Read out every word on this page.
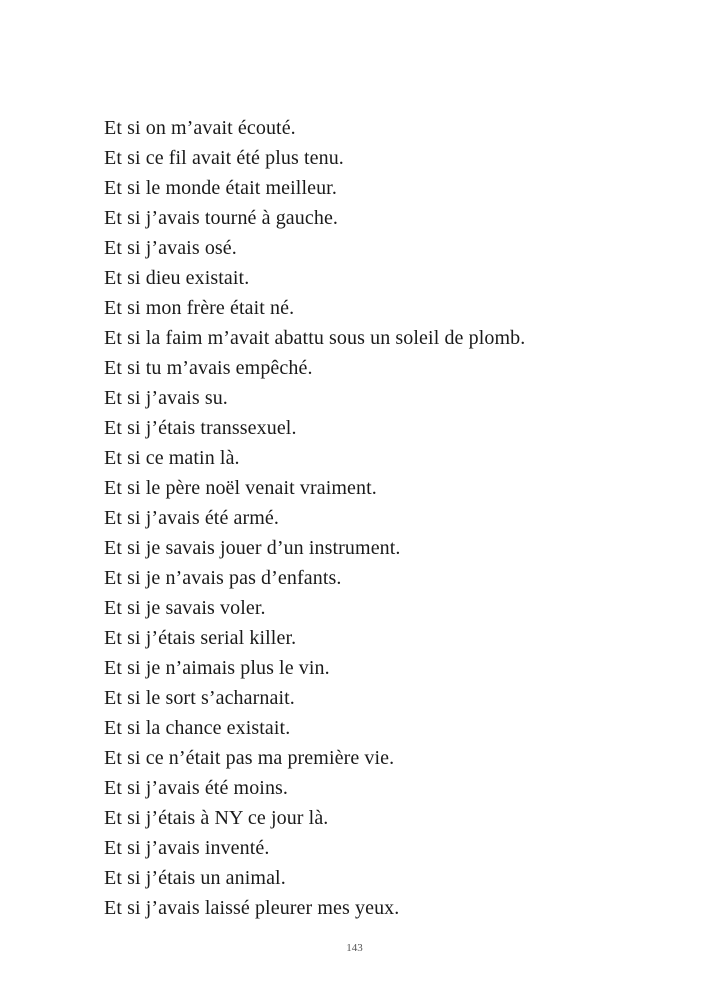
Et si on m’avait écouté.
Et si ce fil avait été plus tenu.
Et si le monde était meilleur.
Et si j’avais tourné à gauche.
Et si j’avais osé.
Et si dieu existait.
Et si mon frère était né.
Et si la faim m’avait abattu sous un soleil de plomb.
Et si tu m’avais empêché.
Et si j’avais su.
Et si j’étais transsexuel.
Et si ce matin là.
Et si le père noël venait vraiment.
Et si j’avais été armé.
Et si je savais jouer d’un instrument.
Et si je n’avais pas d’enfants.
Et si je savais voler.
Et si j’étais serial killer.
Et si je n’aimais plus le vin.
Et si le sort s’acharnait.
Et si la chance existait.
Et si ce n’était pas ma première vie.
Et si j’avais été moins.
Et si j’étais à NY ce jour là.
Et si j’avais inventé.
Et si j’étais un animal.
Et si j’avais laissé pleurer mes yeux.
143
